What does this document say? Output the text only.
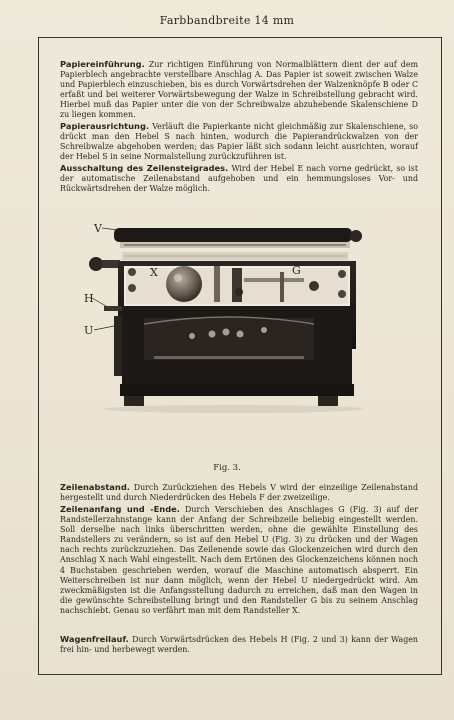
Farbbandbreite 14 mm

Papiereinführung. Zur richtigen Einführung von Normalblättern dient der auf dem Papierblech angebrachte verstellbare Anschlag A. Das Papier ist soweit zwischen Walze und Papierblech einzuschieben, bis es durch Vorwärtsdrehen der Walzenknöpfe B oder C erfaßt und bei weiterer Vorwärtsbewegung der Walze in Schreibstellung gebracht wird. Hierbei muß das Papier unter die von der Schreibwalze abzuhebende Skalenschiene D zu liegen kommen.

Papierausrichtung. Verläuft die Papierkante nicht gleichmäßig zur Skalenschiene, so drückt man den Hebel S nach hinten, wodurch die Papierandrückwalzen von der Schreibwalze abgehoben werden; das Papier läßt sich sodann leicht ausrichten, worauf der Hebel S in seine Normalstellung zurückzuführen ist.

Ausschaltung des Zeilensteigrades. Wird der Hebel E nach vorne gedrückt, so ist der automatische Zeilenabstand aufgehoben und ein hemmungsloses Vor- und Rückwärtsdrehen der Walze möglich.

V
H
U
X	G
Fig. 3.

Zeilenabstand. Durch Zurückziehen des Hebels V wird der einzeilige Zeilenabstand hergestellt und durch Niederdrücken des Hebels F der zweizeilige.

Zeilenanfang und -Ende. Durch Verschieben des Anschlages G (Fig. 3) auf der Randstellerzahnstange kann der Anfang der Schreibzeile beliebig eingestellt werden. Soll derselbe nach links überschritten werden, ohne die gewählte Einstellung des Randstellers zu verändern, so ist auf den Hebel U (Fig. 3) zu drücken und der Wagen nach rechts zurückzuziehen. Das Zeilenende sowie das Glockenzeichen wird durch den Anschlag X nach Wahl eingestellt. Nach dem Ertönen des Glockenzeichens können noch 4 Buchstaben geschrieben werden, worauf die Maschine automatisch absperrt. Ein Weiterschreiben ist nur dann möglich, wenn der Hebel U niedergedrückt wird. Am zweckmäßigsten ist die Anfangsstellung dadurch zu erreichen, daß man den Wagen in die gewünschte Schreibstellung bringt und den Randsteller G bis zu seinem Anschlag nachschiebt. Genau so verfährt man mit dem Randsteller X.

Wagenfreilauf. Durch Vorwärtsdrücken des Hebels H (Fig. 2 und 3) kann der Wagen frei hin- und herbewegt werden.
